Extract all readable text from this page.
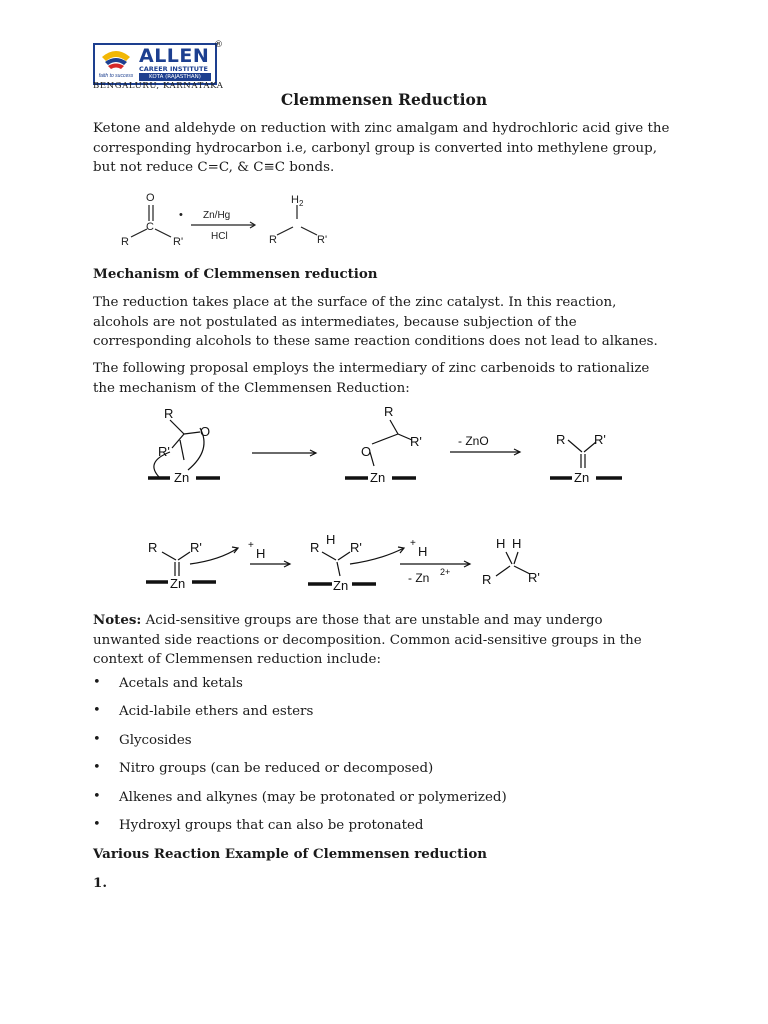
faith to success
ALLEN
CAREER INSTITUTE
KOTA (RAJASTHAN)
®
BENGALURU, KARNATAKA
Clemmensen Reduction
Ketone and aldehyde on reduction with zinc amalgam and hydrochloric acid give the corresponding hydrocarbon i.e, carbonyl group is converted into methylene group, but not reduce C=C, & C≡C bonds.
O
C
R	R'
• Zn/Hg
HCl
H 2
R	R'
Mechanism of Clemmensen reduction
The reduction takes place at the surface of the zinc catalyst. In this reaction, alcohols are not postulated as intermediates, because subjection of the corresponding alcohols to these same reaction conditions does not lead to alkanes.
The following proposal employs the intermediary of zinc carbenoids to rationalize the mechanism of the Clemmensen Reduction:
R
O
R'
Zn
R
R'
O
Zn
- ZnO	R R'
Zn
R	R'
Zn
+
H	R
H
R'
Zn
+
H
- Zn 2+
H H
R	R'
Notes: Acid-sensitive groups are those that are unstable and may undergo unwanted side reactions or decomposition. Common acid-sensitive groups in the context of Clemmensen reduction include:
• Acetals and ketals
• Acid-labile ethers and esters
• Glycosides
• Nitro groups (can be reduced or decomposed)
• Alkenes and alkynes (may be protonated or polymerized)
• Hydroxyl groups that can also be protonated
Various Reaction Example of Clemmensen reduction
1.
